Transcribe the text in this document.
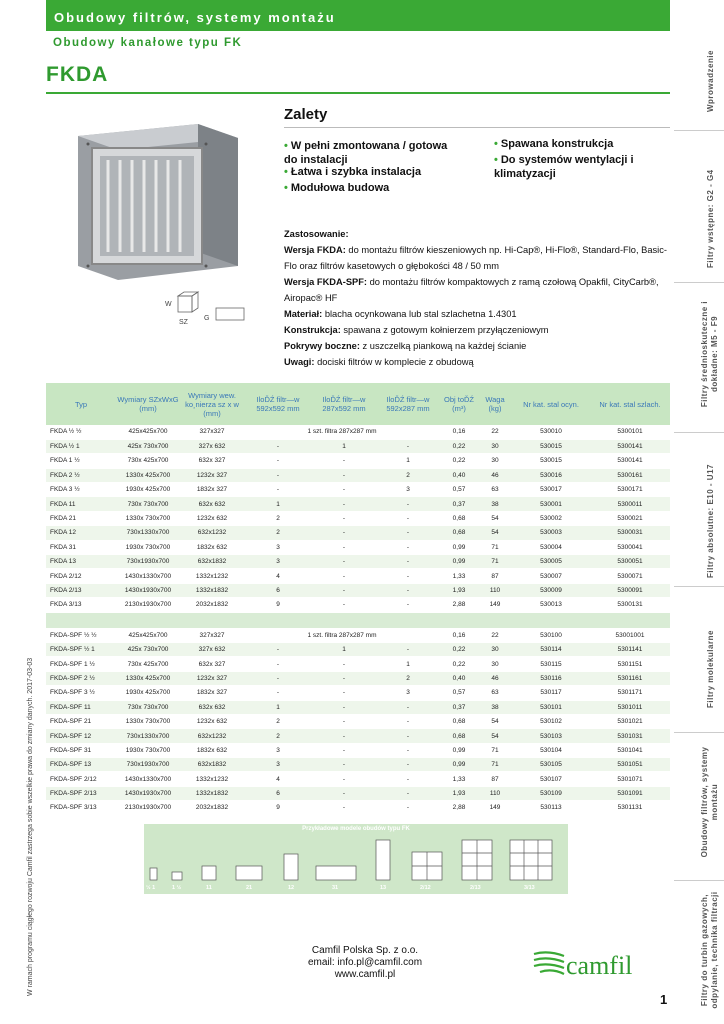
Obudowy filtrów, systemy montażu
Obudowy kanałowe typu FK
FKDA
W
SZ
G
Zalety
• W pełni zmontowana / gotowa do instalacji
• Łatwa i szybka instalacja
• Modułowa budowa
• Spawana konstrukcja
• Do systemów wentylacji i klimatyzacji
Zastosowanie:
Wersja FKDA: do montażu filtrów kieszeniowych np. Hi-Cap®, Hi-Flo®, Standard-Flo, Basic-Flo oraz filtrów kasetowych o głębokości 48 / 50 mm
Wersja FKDA-SPF: do montażu filtrów kompaktowych z ramą czołową Opakfil, CityCarb®, Airopac® HF
Materiał: blacha ocynkowana lub stal szlachetna 1.4301
Konstrukcja: spawana z gotowym kołnierzem przyłączeniowym
Pokrywy boczne: z uszczelką piankową na każdej ścianie
Uwagi: dociski filtrów w komplecie z obudową
Typ	Wymiary SZxWxG (mm)	Wymiary wew. ko¸nierza sz x w (mm)	IloĎŹ filtr—w 592x592 mm	IloĎŹ filtr—w 287x592 mm	IloĎŹ filtr—w 592x287 mm	Obj toĎŹ (m³)	Waga (kg)	Nr kat. stal ocyn.	Nr kat. stal szlach.
FKDA ½ ½	425x425x700	327x327	1 szt. filtra 287x287 mm			0,16	22	530010	5300101
FKDA ½ 1	425x 730x700	327x 632	-	1	-	0,22	30	530015	5300141
FKDA 1 ½	730x 425x700	632x 327	-	-	1	0,22	30	530015	5300141
FKDA 2 ½	1330x 425x700	1232x 327	-	-	2	0,40	46	530016	5300161
FKDA 3 ½	1930x 425x700	1832x 327	-	-	3	0,57	63	530017	5300171
FKDA 11	730x 730x700	632x 632	1	-	-	0,37	38	530001	5300011
FKDA 21	1330x 730x700	1232x 632	2	-	-	0,68	54	530002	5300021
FKDA 12	730x1330x700	632x1232	2	-	-	0,68	54	530003	5300031
FKDA 31	1930x 730x700	1832x 632	3	-	-	0,99	71	530004	5300041
FKDA 13	730x1930x700	632x1832	3	-	-	0,99	71	530005	5300051
FKDA 2/12	1430x1330x700	1332x1232	4	-	-	1,33	87	530007	5300071
FKDA 2/13	1430x1930x700	1332x1832	6	-	-	1,93	110	530009	5300091
FKDA 3/13	2130x1930x700	2032x1832	9	-	-	2,88	149	530013	5300131

FKDA-SPF ½ ½	425x425x700	327x327	1 szt. filtra 287x287 mm			0,16	22	530100	53001001
FKDA-SPF ½ 1	425x 730x700	327x 632	-	1	-	0,22	30	530114	5301141
FKDA-SPF 1 ½	730x 425x700	632x 327	-	-	1	0,22	30	530115	5301151
FKDA-SPF 2 ½	1330x 425x700	1232x 327	-	-	2	0,40	46	530116	5301161
FKDA-SPF 3 ½	1930x 425x700	1832x 327	-	-	3	0,57	63	530117	5301171
FKDA-SPF 11	730x 730x700	632x 632	1	-	-	0,37	38	530101	5301011
FKDA-SPF 21	1330x 730x700	1232x 632	2	-	-	0,68	54	530102	5301021
FKDA-SPF 12	730x1330x700	632x1232	2	-	-	0,68	54	530103	5301031
FKDA-SPF 31	1930x 730x700	1832x 632	3	-	-	0,99	71	530104	5301041
FKDA-SPF 13	730x1930x700	632x1832	3	-	-	0,99	71	530105	5301051
FKDA-SPF 2/12	1430x1330x700	1332x1232	4	-	-	1,33	87	530107	5301071
FKDA-SPF 2/13	1430x1930x700	1332x1832	6	-	-	1,93	110	530109	5301091
FKDA-SPF 3/13	2130x1930x700	2032x1832	9	-	-	2,88	149	530113	5301131
Przykładowe modele obudów typu FK
½ 1	1 ½	11	21	12	31	13	2/12	2/13	3/13
Wprowadzenie
Filtry wstępne: G2 - G4
Filtry średnioskuteczne i dokładne: M5 - F9
Filtry absolutne: E10 - U17
Filtry molekularne
Obudowy filtrów, systemy montażu
Filtry do turbin gazowych, odpylanie, technika filtracji
W ramach programu ciągłego rozwoju Camfil zastrzega sobie wszelkie prawa do zmiany danych. 2017-03-03	Camfil Polska Sp. z o.o.
email: info.pl@camfil.com
www.camfil.pl	camfil
1
